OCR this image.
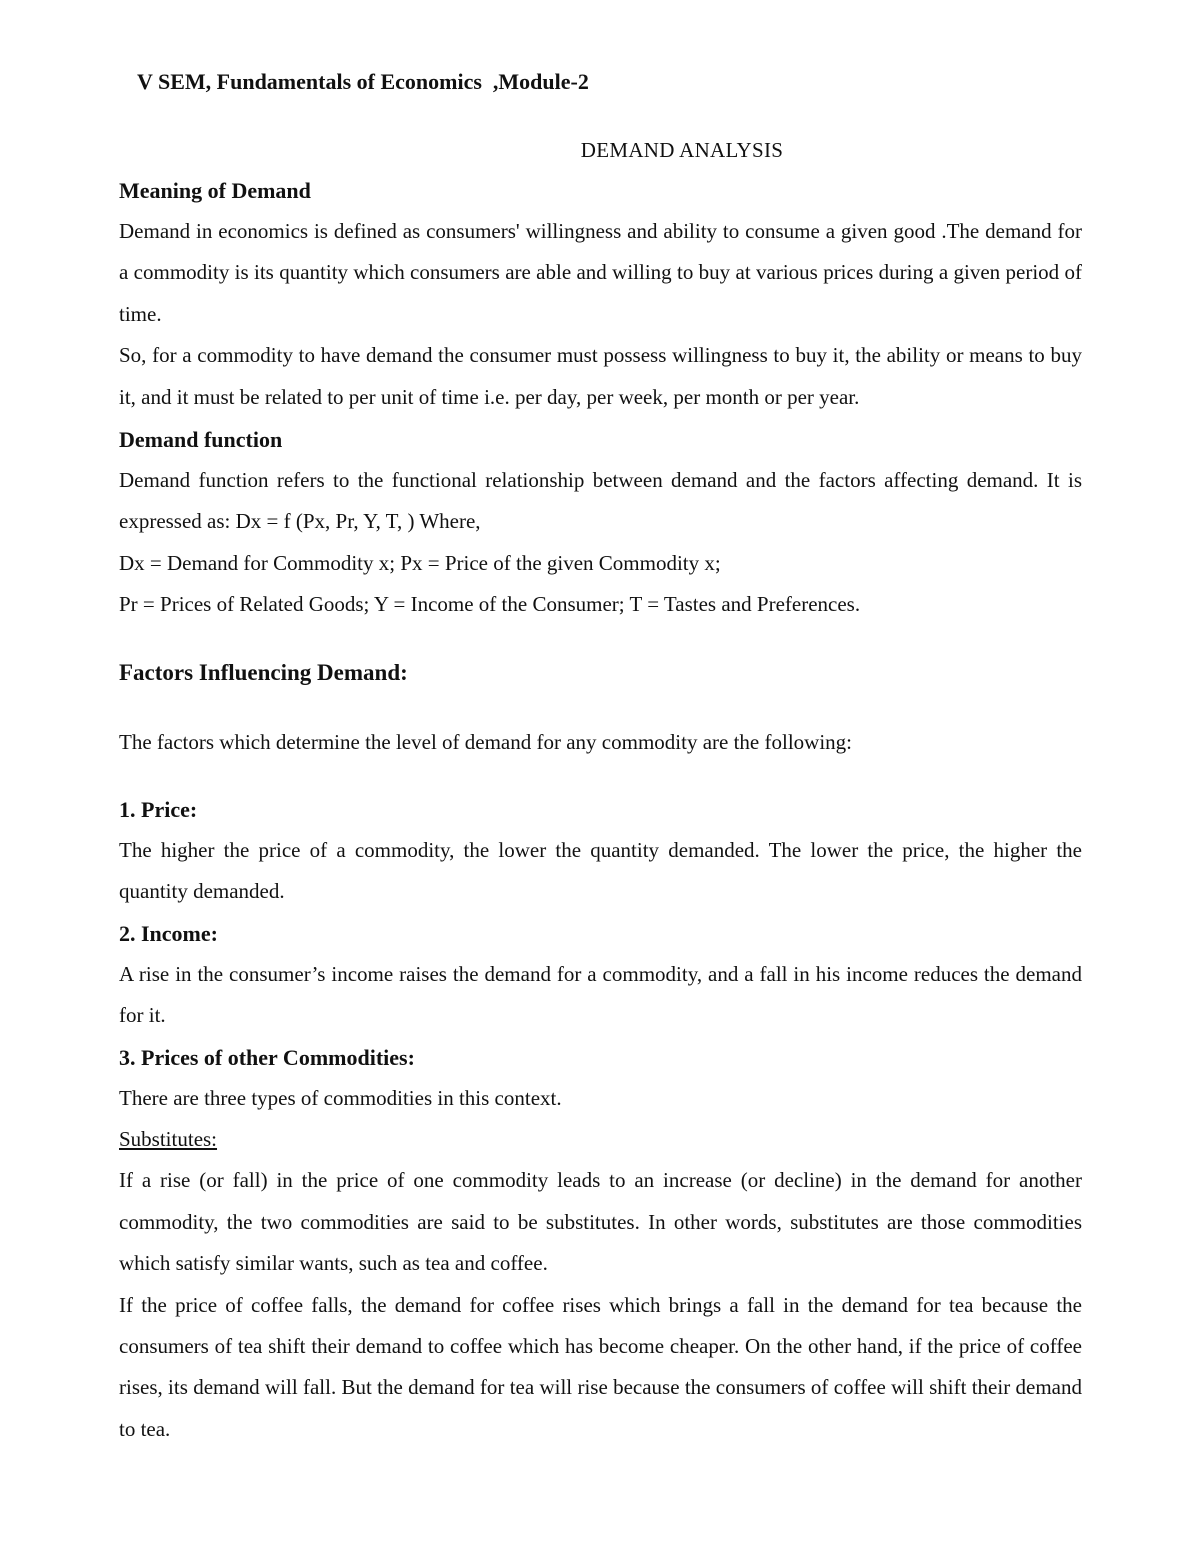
V SEM, Fundamentals of Economics  ,Module-2
DEMAND ANALYSIS

Meaning of Demand

Demand in economics is defined as consumers' willingness and ability to consume a given good .The demand for a commodity is its quantity which consumers are able and willing to buy at various prices during a given period of time.

So, for a commodity to have demand the consumer must possess willingness to buy it, the ability or means to buy it, and it must be related to per unit of time i.e. per day, per week, per month or per year.

Demand function

Demand function refers to the functional relationship between demand and the factors affecting demand. It is expressed as: Dx = f (Px, Pr, Y, T, ) Where,

Dx = Demand for Commodity x; Px = Price of the given Commodity x;

Pr = Prices of Related Goods; Y = Income of the Consumer; T = Tastes and Preferences.

Factors Influencing Demand:

The factors which determine the level of demand for any commodity are the following:

1. Price:

The higher the price of a commodity, the lower the quantity demanded. The lower the price, the higher the quantity demanded.

2. Income:

A rise in the consumer’s income raises the demand for a commodity, and a fall in his income reduces the demand for it.

3. Prices of other Commodities:

There are three types of commodities in this context.

Substitutes:

If a rise (or fall) in the price of one commodity leads to an increase (or decline) in the demand for another commodity, the two commodities are said to be substitutes. In other words, substitutes are those commodities which satisfy similar wants, such as tea and coffee.

If the price of coffee falls, the demand for coffee rises which brings a fall in the demand for tea because the consumers of tea shift their demand to coffee which has become cheaper. On the other hand, if the price of coffee rises, its demand will fall. But the demand for tea will rise because the consumers of coffee will shift their demand to tea.
